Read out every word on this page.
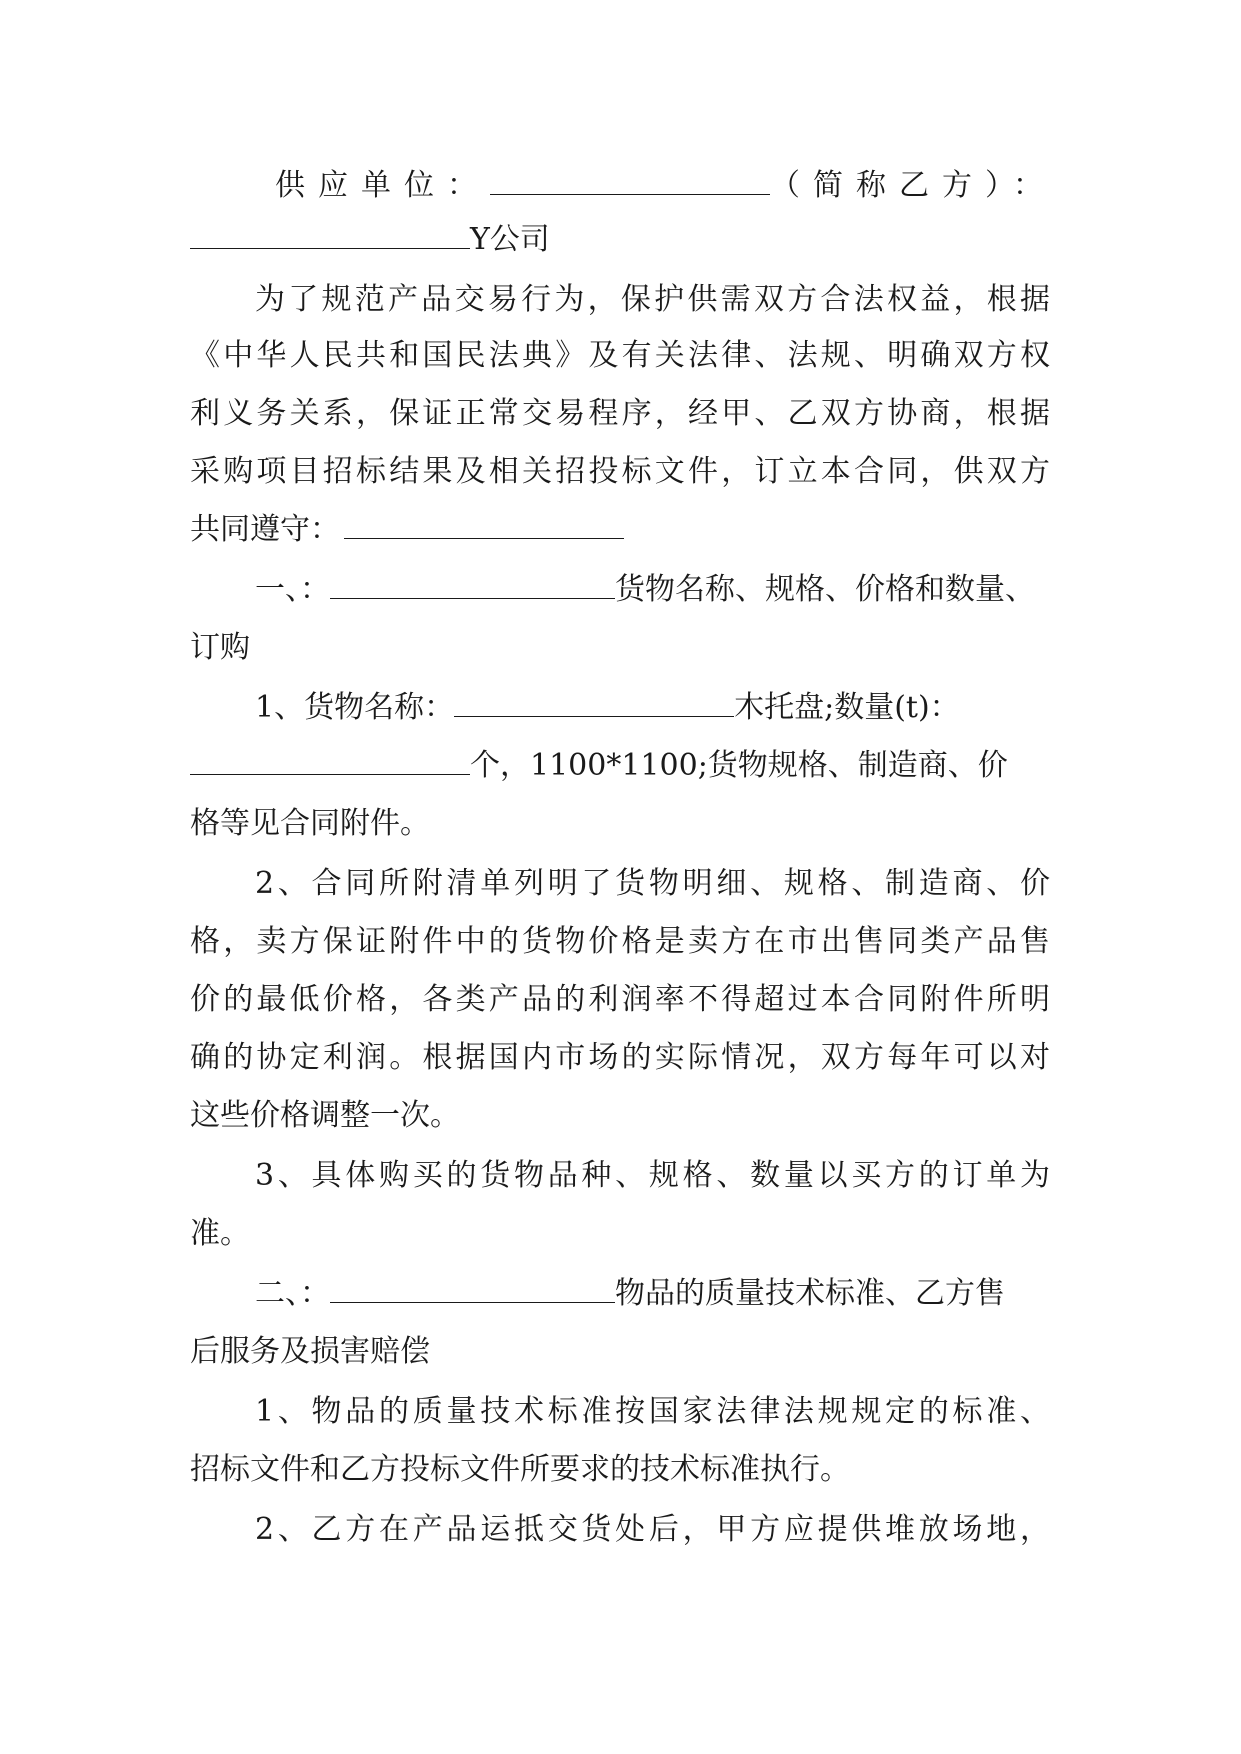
供应单位：	（简称乙方）：
Y公司
为了规范产品交易行为，保护供需双方合法权益，根据
《中华人民共和国民法典》及有关法律、法规、明确双方权
利义务关系，保证正常交易程序，经甲、乙双方协商，根据
采购项目招标结果及相关招投标文件，订立本合同，供双方
共同遵守：
一、：	货物名称、规格、价格和数量、
订购
1、货物名称：	木托盘;数量(t)：
个，1100*1100;货物规格、制造商、价
格等见合同附件。
2、合同所附清单列明了货物明细、规格、制造商、价
格，卖方保证附件中的货物价格是卖方在市出售同类产品售
价的最低价格，各类产品的利润率不得超过本合同附件所明
确的协定利润。根据国内市场的实际情况，双方每年可以对
这些价格调整一次。
3、具体购买的货物品种、规格、数量以买方的订单为
准。
二、：	物品的质量技术标准、乙方售
后服务及损害赔偿
1、物品的质量技术标准按国家法律法规规定的标准、
招标文件和乙方投标文件所要求的技术标准执行。
2、乙方在产品运抵交货处后，甲方应提供堆放场地，
